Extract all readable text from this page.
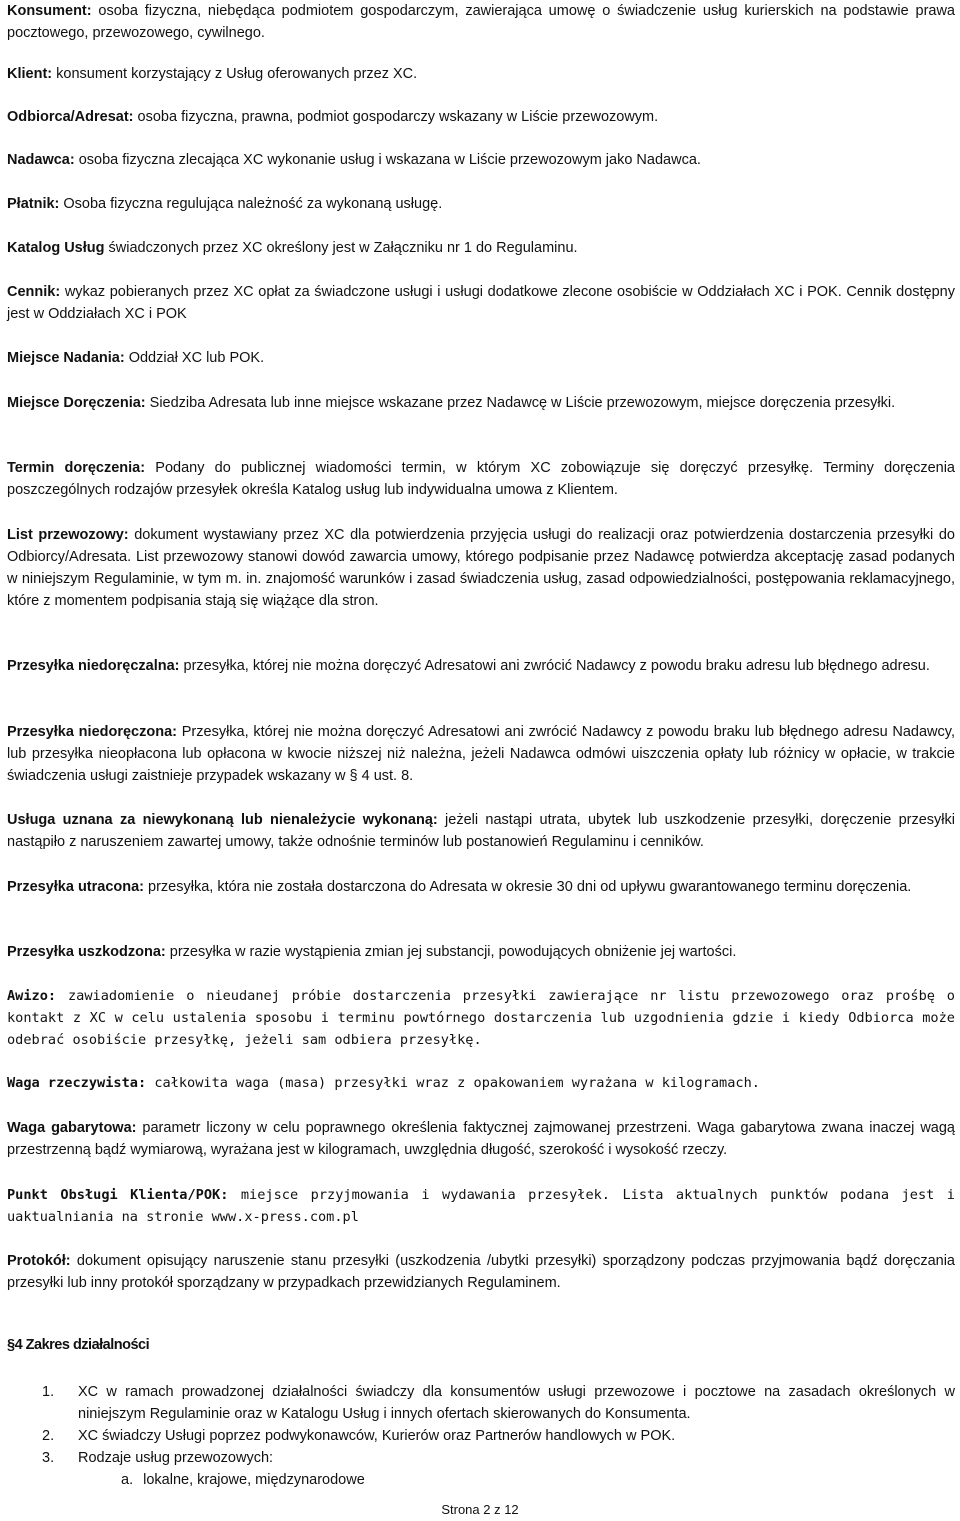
Konsument: osoba fizyczna, niebędąca podmiotem gospodarczym, zawierająca umowę o świadczenie usług kurierskich na podstawie prawa pocztowego, przewozowego, cywilnego.

Klient: konsument korzystający z Usług oferowanych przez XC.

Odbiorca/Adresat: osoba fizyczna, prawna, podmiot gospodarczy wskazany w Liście przewozowym.

Nadawca: osoba fizyczna zlecająca XC wykonanie usług i wskazana w Liście przewozowym jako Nadawca.

Płatnik: Osoba fizyczna regulująca należność za wykonaną usługę.

Katalog Usług świadczonych przez XC określony jest w Załączniku nr 1 do Regulaminu.

Cennik: wykaz pobieranych przez XC opłat za świadczone usługi i usługi dodatkowe zlecone osobiście w Oddziałach XC i POK. Cennik dostępny jest w Oddziałach XC i POK

Miejsce Nadania: Oddział XC lub POK.

Miejsce Doręczenia: Siedziba Adresata lub inne miejsce wskazane przez Nadawcę w Liście przewozowym, miejsce doręczenia przesyłki.

Termin doręczenia: Podany do publicznej wiadomości termin, w którym XC zobowiązuje się doręczyć przesyłkę. Terminy doręczenia poszczególnych rodzajów przesyłek określa Katalog usług lub indywidualna umowa z Klientem.

List przewozowy: dokument wystawiany przez XC dla potwierdzenia przyjęcia usługi do realizacji oraz potwierdzenia dostarczenia przesyłki do Odbiorcy/Adresata. List przewozowy stanowi dowód zawarcia umowy, którego podpisanie przez Nadawcę potwierdza akceptację zasad podanych w niniejszym Regulaminie, w tym m. in. znajomość warunków i zasad świadczenia usług, zasad odpowiedzialności, postępowania reklamacyjnego, które z momentem podpisania stają się wiążące dla stron.

Przesyłka niedoręczalna: przesyłka, której nie można doręczyć Adresatowi ani zwrócić Nadawcy z powodu braku adresu lub błędnego adresu.

Przesyłka niedoręczona: Przesyłka, której nie można doręczyć Adresatowi ani zwrócić Nadawcy z powodu braku lub błędnego adresu Nadawcy, lub przesyłka nieopłacona lub opłacona w kwocie niższej niż należna, jeżeli Nadawca odmówi uiszczenia opłaty lub różnicy w opłacie, w trakcie świadczenia usługi zaistnieje przypadek wskazany w § 4 ust. 8.

Usługa uznana za niewykonaną lub nienależycie wykonaną: jeżeli nastąpi utrata, ubytek lub uszkodzenie przesyłki, doręczenie przesyłki nastąpiło z naruszeniem zawartej umowy, także odnośnie terminów lub postanowień Regulaminu i cenników.

Przesyłka utracona: przesyłka, która nie została dostarczona do Adresata w okresie 30 dni od upływu gwarantowanego terminu doręczenia.

Przesyłka uszkodzona: przesyłka w razie wystąpienia zmian jej substancji, powodujących obniżenie jej wartości.

Awizo: zawiadomienie o nieudanej próbie dostarczenia przesyłki zawierające nr listu przewozowego oraz prośbę o kontakt z XC w celu ustalenia sposobu i terminu powtórnego dostarczenia lub uzgodnienia gdzie i kiedy Odbiorca może odebrać osobiście przesyłkę, jeżeli sam odbiera przesyłkę.

Waga rzeczywista: całkowita waga (masa) przesyłki wraz z opakowaniem wyrażana w kilogramach.

Waga gabarytowa: parametr liczony w celu poprawnego określenia faktycznej zajmowanej przestrzeni. Waga gabarytowa zwana inaczej wagą przestrzenną bądź wymiarową, wyrażana jest w kilogramach, uwzględnia długość, szerokość i wysokość rzeczy.

Punkt Obsługi Klienta/POK: miejsce przyjmowania i wydawania przesyłek. Lista aktualnych punktów podana jest i uaktualniania na stronie www.x-press.com.pl

Protokół: dokument opisujący naruszenie stanu przesyłki (uszkodzenia /ubytki przesyłki) sporządzony podczas przyjmowania bądź doręczania przesyłki lub inny protokół sporządzany w przypadkach przewidzianych Regulaminem.

§4 Zakres działalności
1.	XC w ramach prowadzonej działalności świadczy dla konsumentów usługi przewozowe i pocztowe na zasadach określonych w niniejszym Regulaminie oraz w Katalogu Usług i innych ofertach skierowanych do Konsumenta.
2.	XC świadczy Usługi poprzez podwykonawców, Kurierów oraz Partnerów handlowych w POK.
3.	Rodzaje usług przewozowych:
a. lokalne, krajowe, międzynarodowe
Strona 2 z 12
